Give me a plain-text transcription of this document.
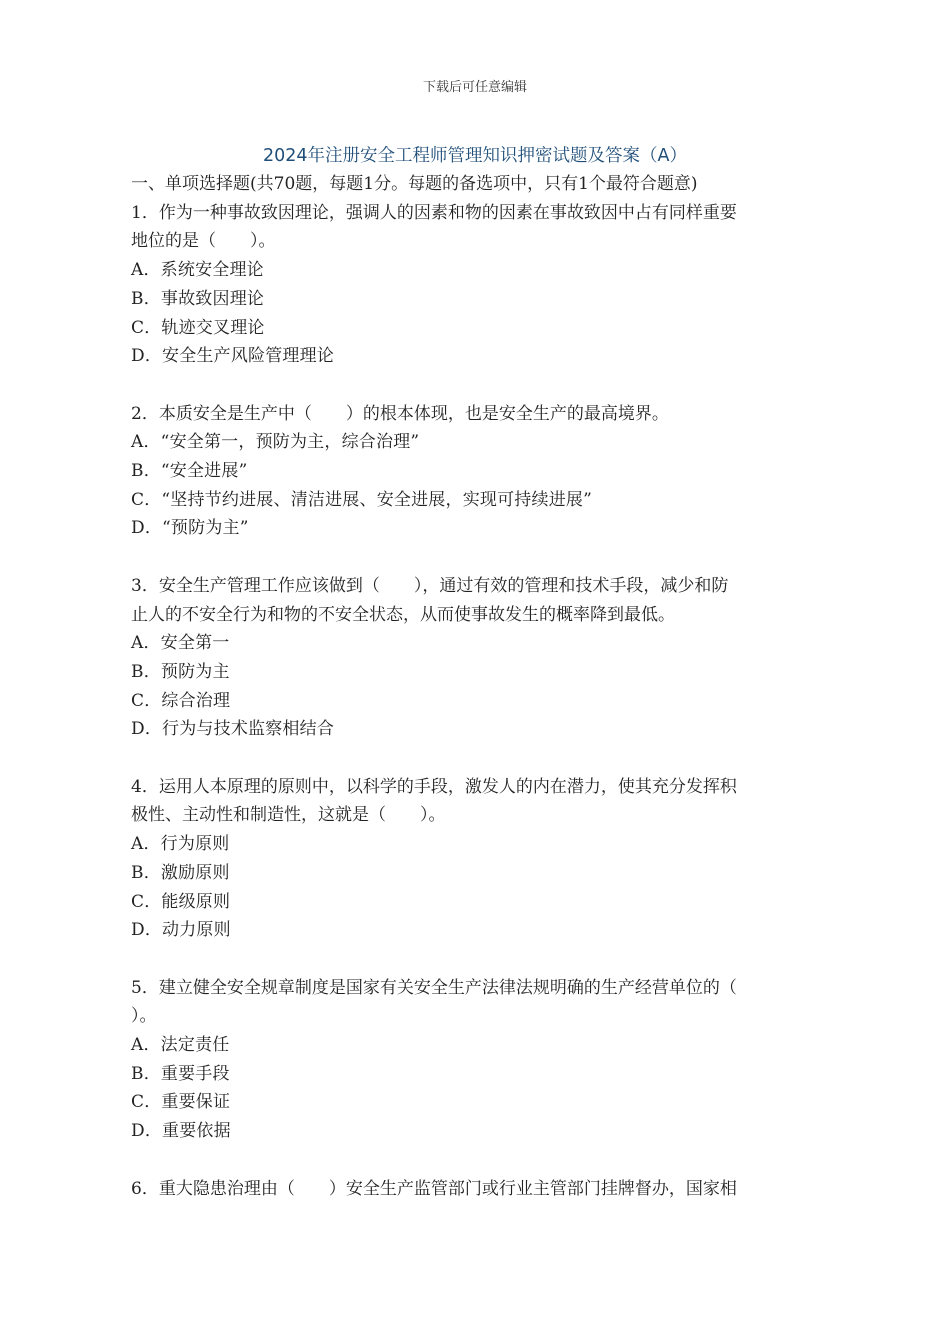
下载后可任意编辑
2024年注册安全工程师管理知识押密试题及答案（A）

一、单项选择题(共70题，每题1分。每题的备选项中，只有1个最符合题意)

1．作为一种事故致因理论，强调人的因素和物的因素在事故致因中占有同样重要

地位的是（　　）。

A．系统安全理论

B．事故致因理论

C．轨迹交叉理论

D．安全生产风险管理理论

2．本质安全是生产中（　　）的根本体现，也是安全生产的最高境界。

A．“安全第一，预防为主，综合治理”

B．“安全进展”

C．“坚持节约进展、清洁进展、安全进展，实现可持续进展”

D．“预防为主”

3．安全生产管理工作应该做到（　　），通过有效的管理和技术手段，减少和防

止人的不安全行为和物的不安全状态，从而使事故发生的概率降到最低。

A．安全第一

B．预防为主

C．综合治理

D．行为与技术监察相结合

4．运用人本原理的原则中，以科学的手段，激发人的内在潜力，使其充分发挥积

极性、主动性和制造性，这就是（　　）。

A．行为原则

B．激励原则

C．能级原则

D．动力原则

5．建立健全安全规章制度是国家有关安全生产法律法规明确的生产经营单位的（

）。

A．法定责任

B．重要手段

C．重要保证

D．重要依据

6．重大隐患治理由（　　）安全生产监管部门或行业主管部门挂牌督办，国家相
